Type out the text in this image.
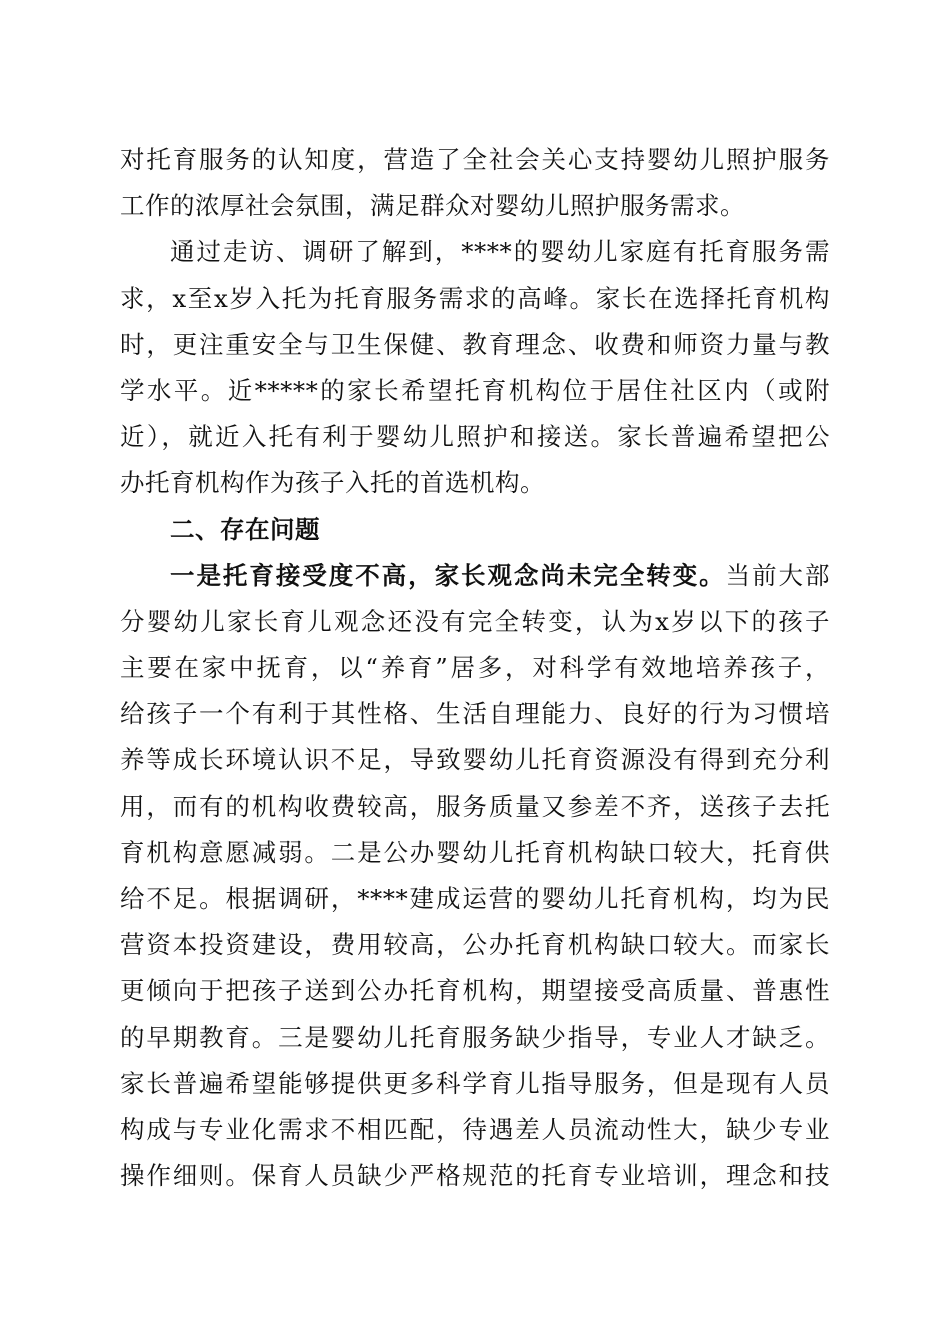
对托育服务的认知度，营造了全社会关心支持婴幼儿照护服务
工作的浓厚社会氛围，满足群众对婴幼儿照护服务需求。
通过走访、调研了解到，****的婴幼儿家庭有托育服务需
求，x至x岁入托为托育服务需求的高峰。家长在选择托育机构
时，更注重安全与卫生保健、教育理念、收费和师资力量与教
学水平。近*****的家长希望托育机构位于居住社区内（或附
近），就近入托有利于婴幼儿照护和接送。家长普遍希望把公
办托育机构作为孩子入托的首选机构。
二、存在问题
一是托育接受度不高，家长观念尚未完全转变。当前大部
分婴幼儿家长育儿观念还没有完全转变，认为x岁以下的孩子
主要在家中抚育，以“养育”居多，对科学有效地培养孩子，
给孩子一个有利于其性格、生活自理能力、良好的行为习惯培
养等成长环境认识不足，导致婴幼儿托育资源没有得到充分利
用，而有的机构收费较高，服务质量又参差不齐，送孩子去托
育机构意愿减弱。二是公办婴幼儿托育机构缺口较大，托育供
给不足。根据调研，****建成运营的婴幼儿托育机构，均为民
营资本投资建设，费用较高，公办托育机构缺口较大。而家长
更倾向于把孩子送到公办托育机构，期望接受高质量、普惠性
的早期教育。三是婴幼儿托育服务缺少指导，专业人才缺乏。
家长普遍希望能够提供更多科学育儿指导服务，但是现有人员
构成与专业化需求不相匹配，待遇差人员流动性大，缺少专业
操作细则。保育人员缺少严格规范的托育专业培训，理念和技
